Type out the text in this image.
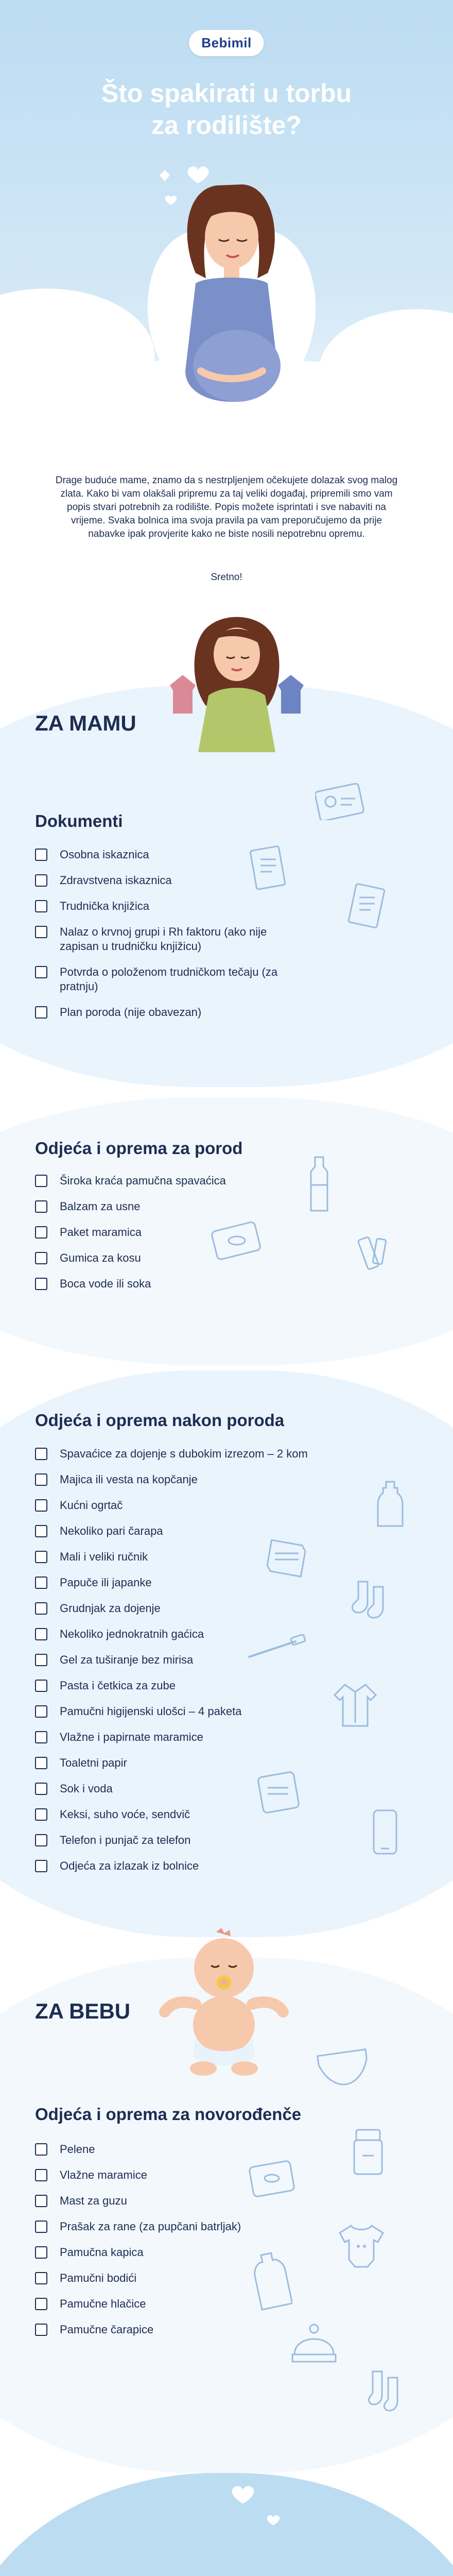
Bebimil
Što spakirati u torbu
za rodilište?
Drage buduće mame, znamo da s nestrpljenjem očekujete dolazak svog malog zlata. Kako bi vam olakšali pripremu za taj veliki događaj, pripremili smo vam popis stvari potrebnih za rodilište. Popis možete isprintati i sve nabaviti na vrijeme. Svaka bolnica ima svoja pravila pa vam preporučujemo da prije nabavke ipak provjerite kako ne biste nosili nepotrebnu opremu.
Sretno!
ZA MAMU
Dokumenti
Osobna iskaznica
Zdravstvena iskaznica
Trudnička knjižica
Nalaz o krvnoj grupi i Rh faktoru (ako nije
zapisan u trudničku knjižicu)
Potvrda o položenom trudničkom tečaju (za pratnju)
Plan poroda (nije obavezan)
Odjeća i oprema za porod
Široka kraća pamučna spavaćica
Balzam za usne
Paket maramica
Gumica za kosu
Boca vode ili soka
Odjeća i oprema nakon poroda
Spavaćice za dojenje s dubokim izrezom – 2 kom
Majica ili vesta na kopčanje
Kućni ogrtač
Nekoliko pari čarapa
Mali i veliki ručnik
Papuče ili japanke
Grudnjak za dojenje
Nekoliko jednokratnih gaćica
Gel za tuširanje bez mirisa
Pasta i četkica za zube
Pamučni higijenski ulošci – 4 paketa
Vlažne i papirnate maramice
Toaletni papir
Sok i voda
Keksi, suho voće, sendvič
Telefon i punjač za telefon
Odjeća za izlazak iz bolnice
ZA BEBU
Odjeća i oprema za novorođenče
Pelene
Vlažne maramice
Mast za guzu
Prašak za rane (za pupčani batrljak)
Pamučna kapica
Pamučni bodići
Pamučne hlačice
Pamučne čarapice
